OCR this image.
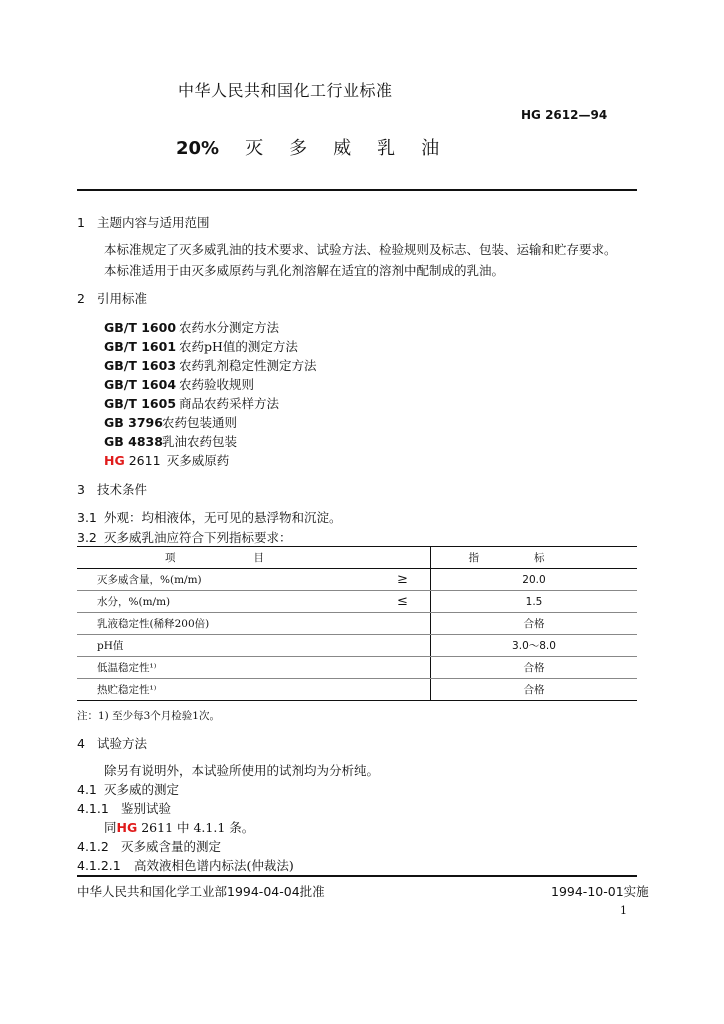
中华人民共和国化工行业标准
HG 2612—94
20% 灭多威乳油
1 主题内容与适用范围
本标准规定了灭多威乳油的技术要求、试验方法、检验规则及标志、包装、运输和贮存要求。
本标准适用于由灭多威原药与乳化剂溶解在适宜的溶剂中配制成的乳油。
2 引用标准
GB/T 1600 农药水分测定方法
GB/T 1601 农药pH值的测定方法
GB/T 1603 农药乳剂稳定性测定方法
GB/T 1604 农药验收规则
GB/T 1605 商品农药采样方法
GB 3796农药包装通则
GB 4838乳油农药包装
HG 2611 灭多威原药
3 技术条件
3.1 外观：均相液体，无可见的悬浮物和沉淀。
3.2 灭多威乳油应符合下列指标要求：
项目		指标
灭多威含量，%(m/m)	≥	20.0
水分，%(m/m)	≤	1.5
乳液稳定性(稀释200倍)		合格
pH值		3.0～8.0
低温稳定性¹⁾		合格
热贮稳定性¹⁾		合格
注：1) 至少每3个月检验1次。
4 试验方法
除另有说明外，本试验所使用的试剂均为分析纯。
4.1 灭多威的测定
4.1.1 鉴别试验
同HG 2611 中 4.1.1 条。
4.1.2 灭多威含量的测定
4.1.2.1 高效液相色谱内标法(仲裁法)
中华人民共和国化学工业部1994-04-04批准	1994-10-01实施
1
